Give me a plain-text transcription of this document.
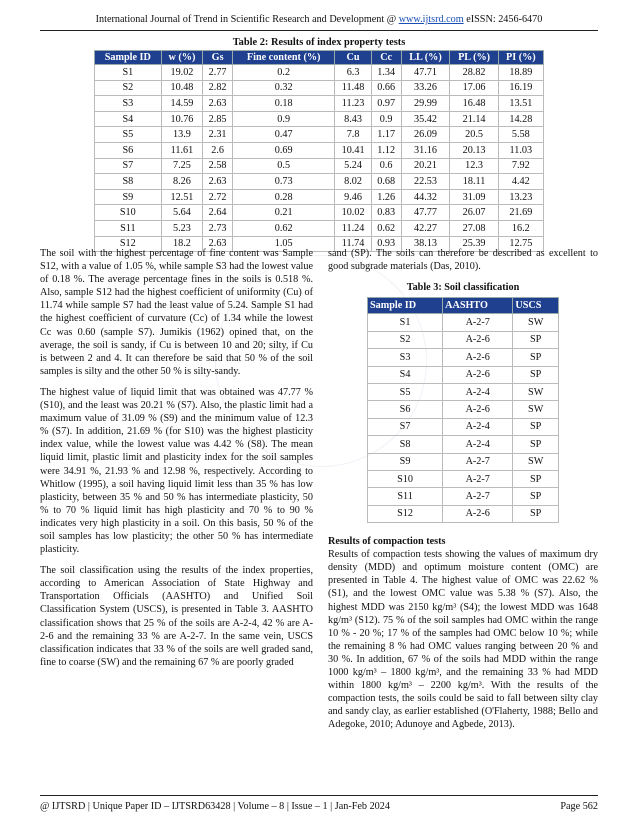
International Journal of Trend in Scientific Research and Development @ www.ijtsrd.com eISSN: 2456-6470
Table 2: Results of index property tests
Sample ID	w (%)	Gs	Fine content (%)	Cu	Cc	LL (%)	PL (%)	PI (%)
S1	19.02	2.77	0.2	6.3	1.34	47.71	28.82	18.89
S2	10.48	2.82	0.32	11.48	0.66	33.26	17.06	16.19
S3	14.59	2.63	0.18	11.23	0.97	29.99	16.48	13.51
S4	10.76	2.85	0.9	8.43	0.9	35.42	21.14	14.28
S5	13.9	2.31	0.47	7.8	1.17	26.09	20.5	5.58
S6	11.61	2.6	0.69	10.41	1.12	31.16	20.13	11.03
S7	7.25	2.58	0.5	5.24	0.6	20.21	12.3	7.92
S8	8.26	2.63	0.73	8.02	0.68	22.53	18.11	4.42
S9	12.51	2.72	0.28	9.46	1.26	44.32	31.09	13.23
S10	5.64	2.64	0.21	10.02	0.83	47.77	26.07	21.69
S11	5.23	2.73	0.62	11.24	0.62	42.27	27.08	16.2
S12	18.2	2.63	1.05	11.74	0.93	38.13	25.39	12.75

The soil with the highest percentage of fine content was Sample S12, with a value of 1.05 %, while sample S3 had the lowest value of 0.18 %. The average percentage fines in the soils is 0.518 %. Also, sample S12 had the highest coefficient of uniformity (Cu) of 11.74 while sample S7 had the least value of 5.24. Sample S1 had the highest coefficient of curvature (Cc) of 1.34 while the lowest Cc was 0.60 (sample S7). Jumikis (1962) opined that, on the average, the soil is sandy, if Cu is between 10 and 20; silty, if Cu is between 2 and 4. It can therefore be said that 50 % of the soil samples is silty and the other 50 % is silty-sandy.

The highest value of liquid limit that was obtained was 47.77 % (S10), and the least was 20.21 % (S7). Also, the plastic limit had a maximum value of 31.09 % (S9) and the minimum value of 12.3 % (S7). In addition, 21.69 % (for S10) was the highest plasticity index value, while the lowest value was 4.42 % (S8). The mean liquid limit, plastic limit and plasticity index for the soil samples were 34.91 %, 21.93 % and 12.98 %, respectively. According to Whitlow (1995), a soil having liquid limit less than 35 % has low plasticity, between 35 % and 50 % has intermediate plasticity, 50 % to 70 % liquid limit has high plasticity and 70 % to 90 % indicates very high plasticity in a soil. On this basis, 50 % of the soil samples has low plasticity; the other 50 % has intermediate plasticity.

The soil classification using the results of the index properties, according to American Association of State Highway and Transportation Officials (AASHTO) and Unified Soil Classification System (USCS), is presented in Table 3. AASHTO classification shows that 25 % of the soils are A-2-4, 42 % are A-2-6 and the remaining 33 % are A-2-7. In the same vein, USCS classification indicates that 33 % of the soils are well graded sand, fine to coarse (SW) and the remaining 67 % are poorly graded

sand (SP). The soils can therefore be described as excellent to good subgrade materials (Das, 2010).

Table 3: Soil classification
Sample ID	AASHTO	USCS
S1	A-2-7	SW
S2	A-2-6	SP
S3	A-2-6	SP
S4	A-2-6	SP
S5	A-2-4	SW
S6	A-2-6	SW
S7	A-2-4	SP
S8	A-2-4	SP
S9	A-2-7	SW
S10	A-2-7	SP
S11	A-2-7	SP
S12	A-2-6	SP
Results of compaction tests

Results of compaction tests showing the values of maximum dry density (MDD) and optimum moisture content (OMC) are presented in Table 4. The highest value of OMC was 22.62 % (S1), and the lowest OMC value was 5.38 % (S7). Also, the highest MDD was 2150 kg/m³ (S4); the lowest MDD was 1648 kg/m³ (S12). 75 % of the soil samples had OMC within the range 10 % - 20 %; 17 % of the samples had OMC below 10 %; while the remaining 8 % had OMC values ranging between 20 % and 30 %. In addition, 67 % of the soils had MDD within the range 1000 kg/m³ – 1800 kg/m³, and the remaining 33 % had MDD within 1800 kg/m³ – 2200 kg/m³. With the results of the compaction tests, the soils could be said to fall between silty clay and sandy clay, as earlier established (O'Flaherty, 1988; Bello and Adegoke, 2010; Adunoye and Agbede, 2013).

@ IJTSRD | Unique Paper ID – IJTSRD63428 | Volume – 8 | Issue – 1 | Jan-Feb 2024	Page 562
